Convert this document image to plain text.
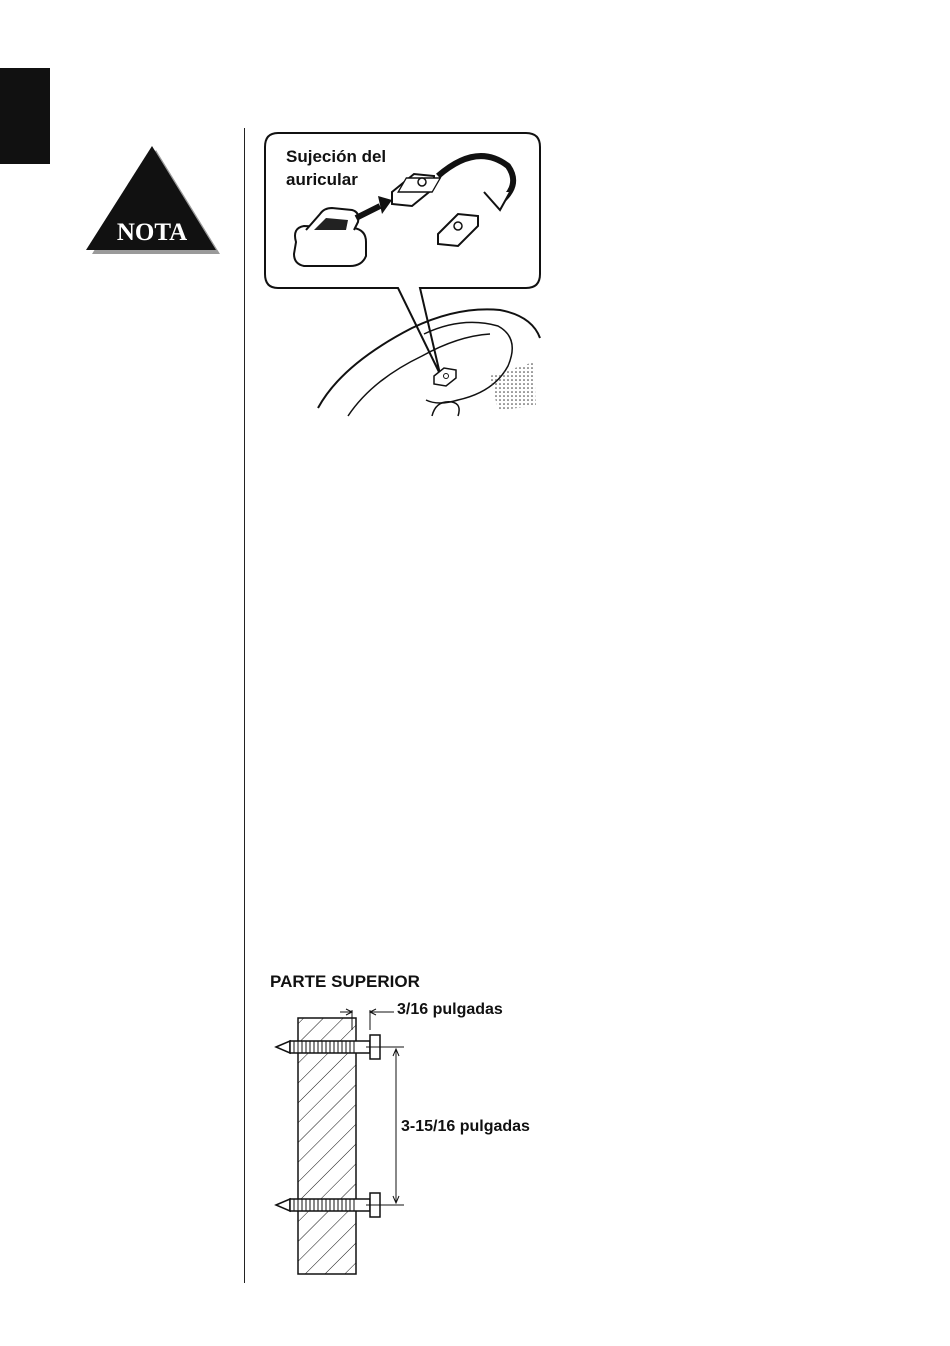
NOTA
Sujeción del
auricular
PARTE SUPERIOR
3/16 pulgadas
3-15/16 pulgadas
